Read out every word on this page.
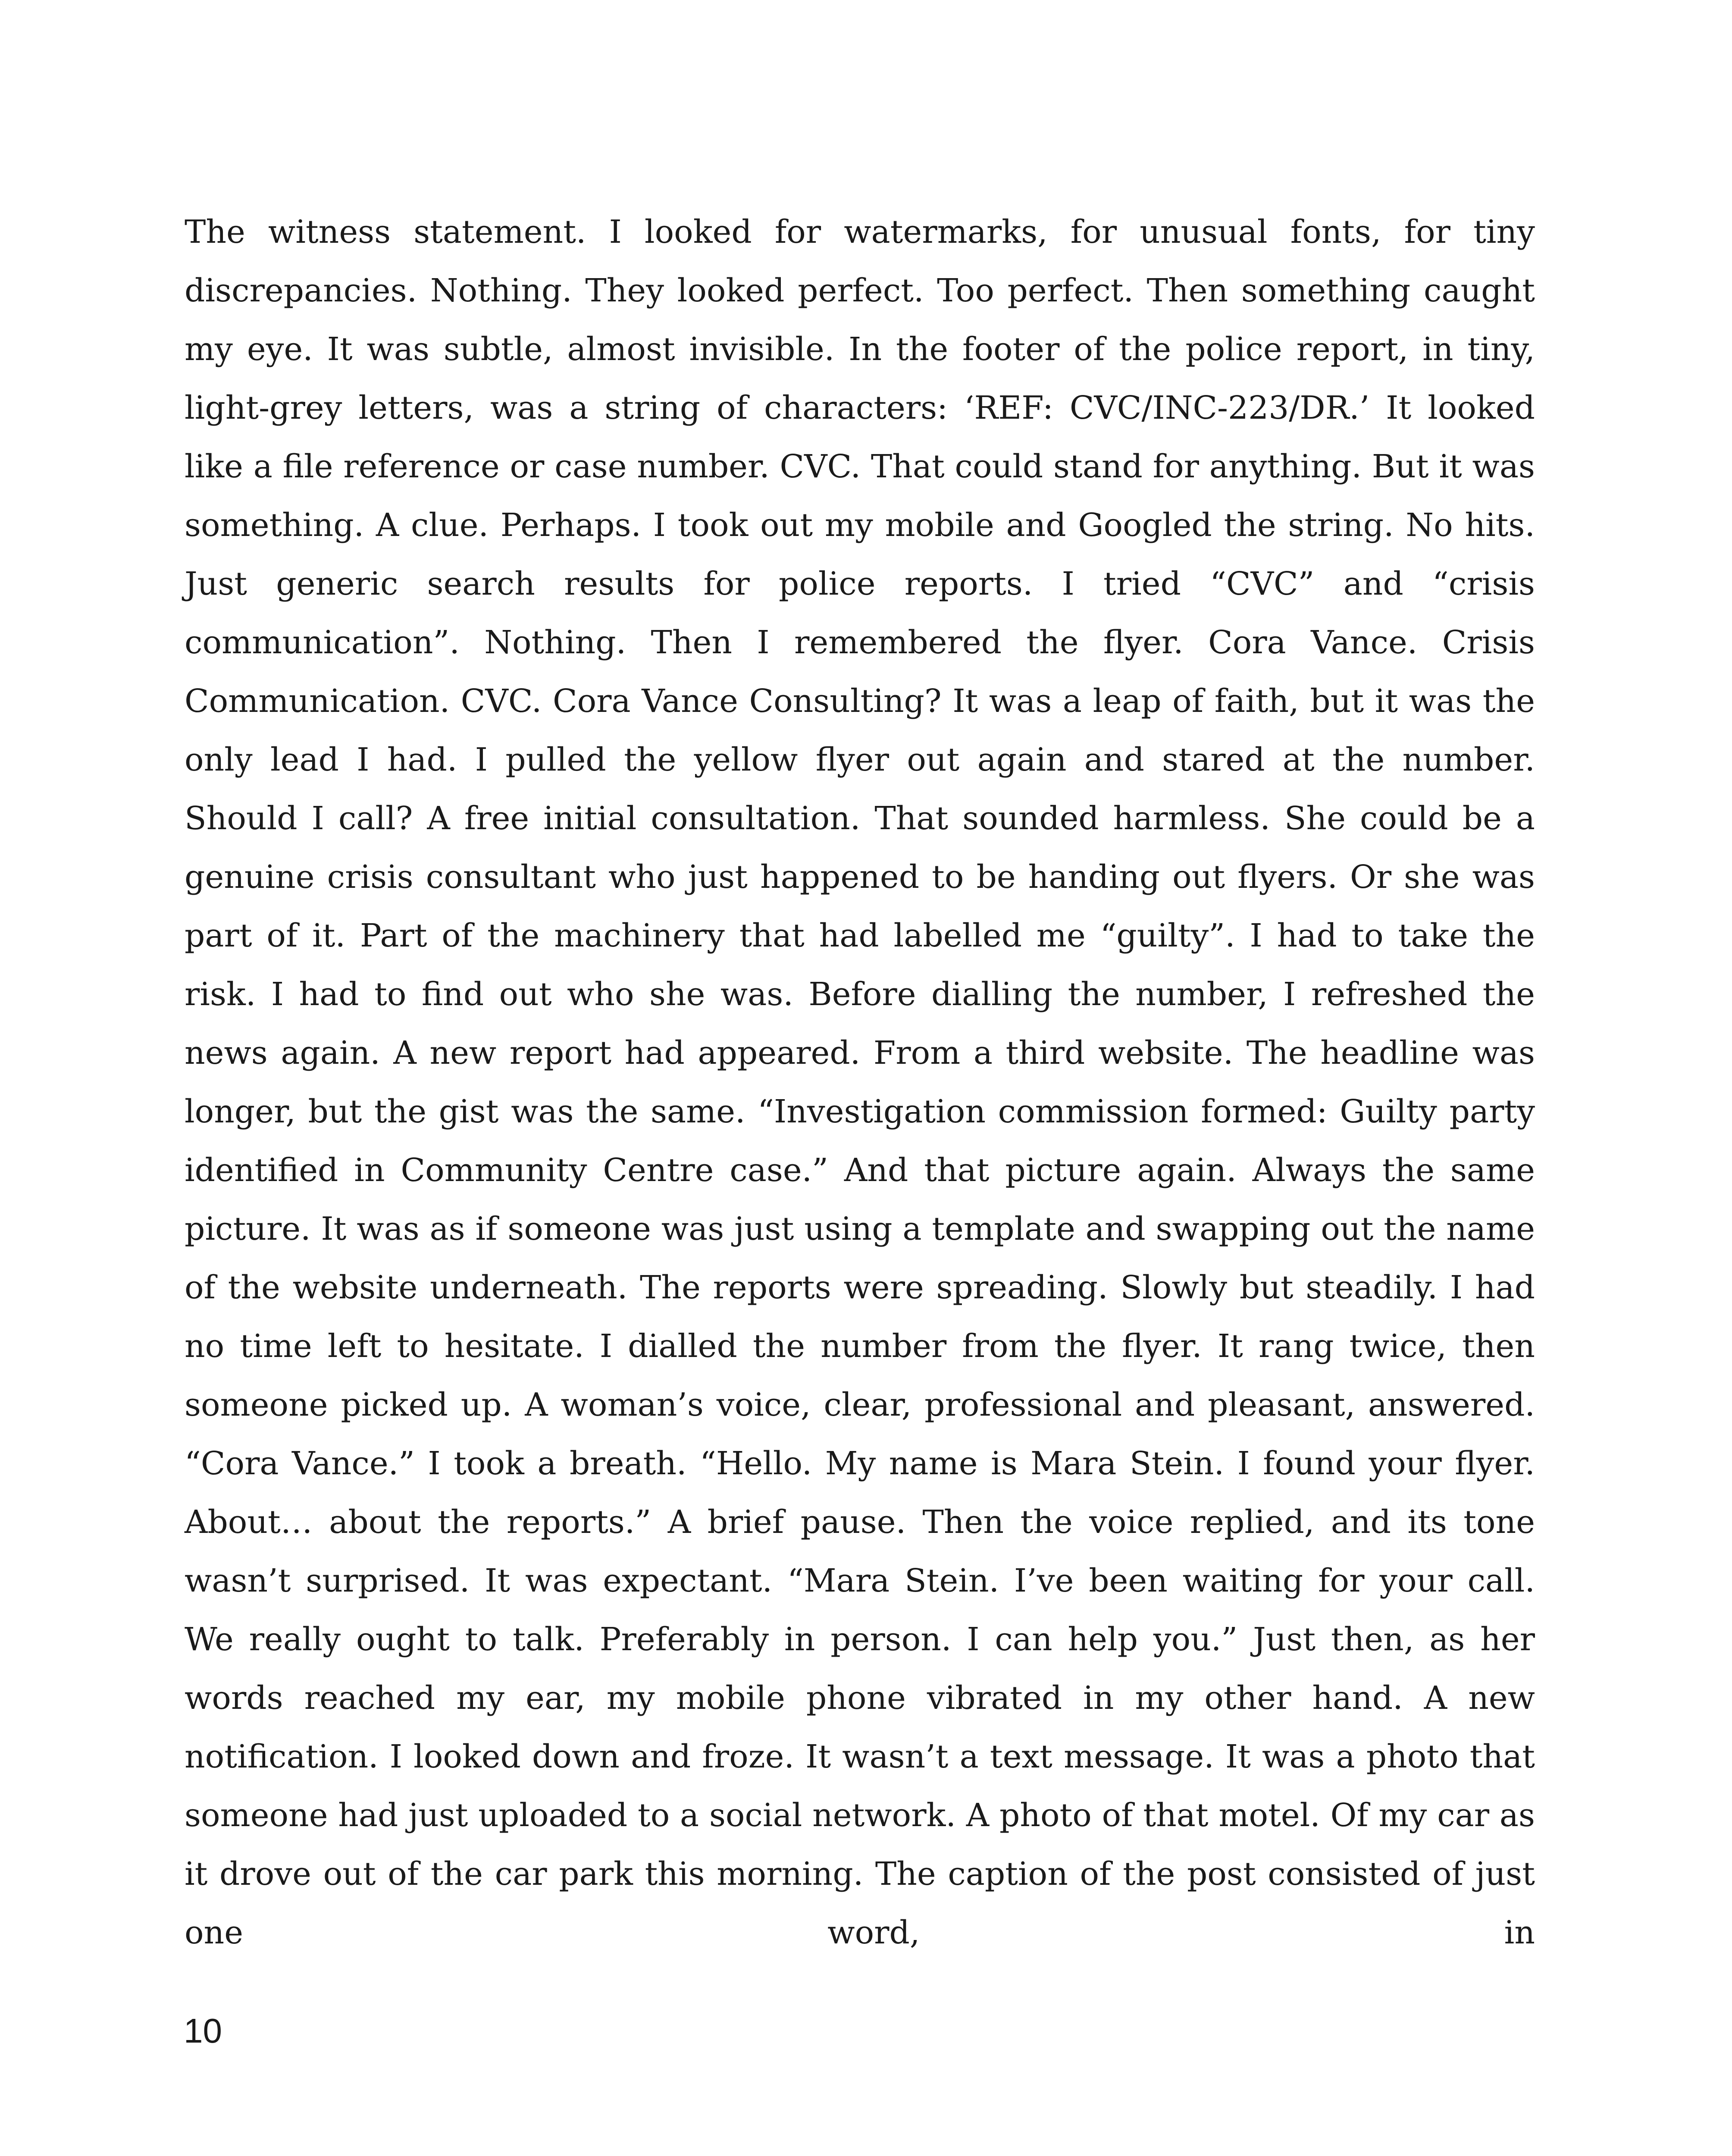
The witness statement. I looked for watermarks, for unusual fonts, for tiny discrepancies. Nothing. They looked perfect. Too perfect. Then something caught my eye. It was subtle, almost invisible. In the footer of the police report, in tiny, light-grey letters, was a string of characters: ‘REF: CVC/INC-223/DR.’ It looked like a file reference or case number. CVC. That could stand for anything. But it was something. A clue. Perhaps. I took out my mobile and Googled the string. No hits. Just generic search results for police reports. I tried “CVC” and “crisis communication”. Nothing. Then I remembered the flyer. Cora Vance. Crisis Communication. CVC. Cora Vance Consulting? It was a leap of faith, but it was the only lead I had. I pulled the yellow flyer out again and stared at the number. Should I call? A free initial consultation. That sounded harmless. She could be a genuine crisis consultant who just happened to be handing out flyers. Or she was part of it. Part of the machinery that had labelled me “guilty”. I had to take the risk. I had to find out who she was. Before dialling the number, I refreshed the news again. A new report had appeared. From a third website. The headline was longer, but the gist was the same. “Investigation commission formed: Guilty party identified in Community Centre case.” And that picture again. Always the same picture. It was as if someone was just using a template and swapping out the name of the website underneath. The reports were spreading. Slowly but steadily. I had no time left to hesitate. I dialled the number from the flyer. It rang twice, then someone picked up. A woman’s voice, clear, professional and pleasant, answered. “Cora Vance.” I took a breath. “Hello. My name is Mara Stein. I found your flyer. About… about the reports.” A brief pause. Then the voice replied, and its tone wasn’t surprised. It was expectant. “Mara Stein. I’ve been waiting for your call. We really ought to talk. Preferably in person. I can help you.” Just then, as her words reached my ear, my mobile phone vibrated in my other hand. A new notification. I looked down and froze. It wasn’t a text message. It was a photo that someone had just uploaded to a social network. A photo of that motel. Of my car as it drove out of the car park this morning. The caption of the post consisted of just one word, in

10
